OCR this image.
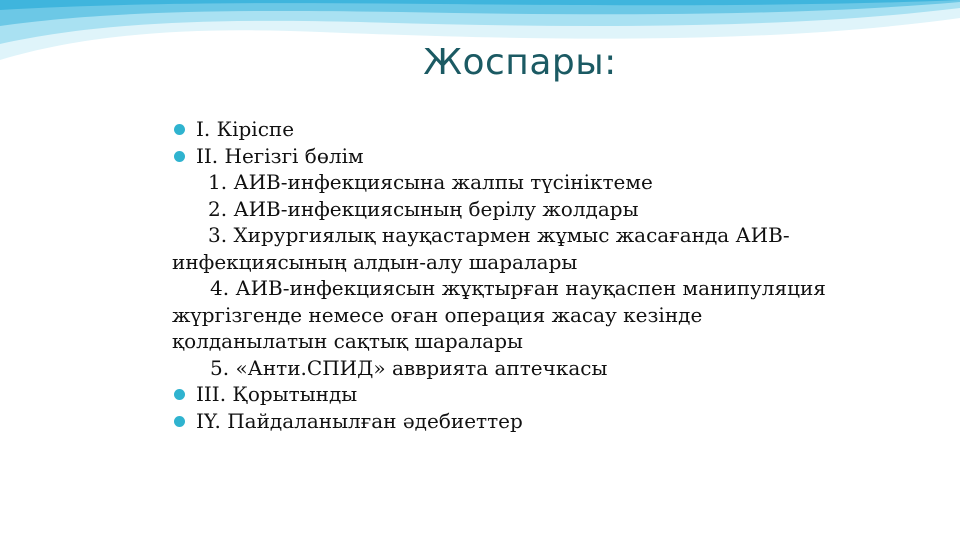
Жоспары:
I. Кіріспе
II. Негізгі бөлім
1. АИВ-инфекциясына жалпы түсініктеме
2. АИВ-инфекциясының берілу жолдары
3. Хирургиялық науқастармен жұмыс жасағанда АИВ-инфекциясының алдын-алу шаралары
4. АИВ-инфекциясын жұқтырған науқаспен манипуляция жүргізгенде немесе оған операция жасау кезінде қолданылатын сақтық шаралары
5. «Анти.СПИД» авврията аптечкасы
III. Қорытынды
IY. Пайдаланылған әдебиеттер
